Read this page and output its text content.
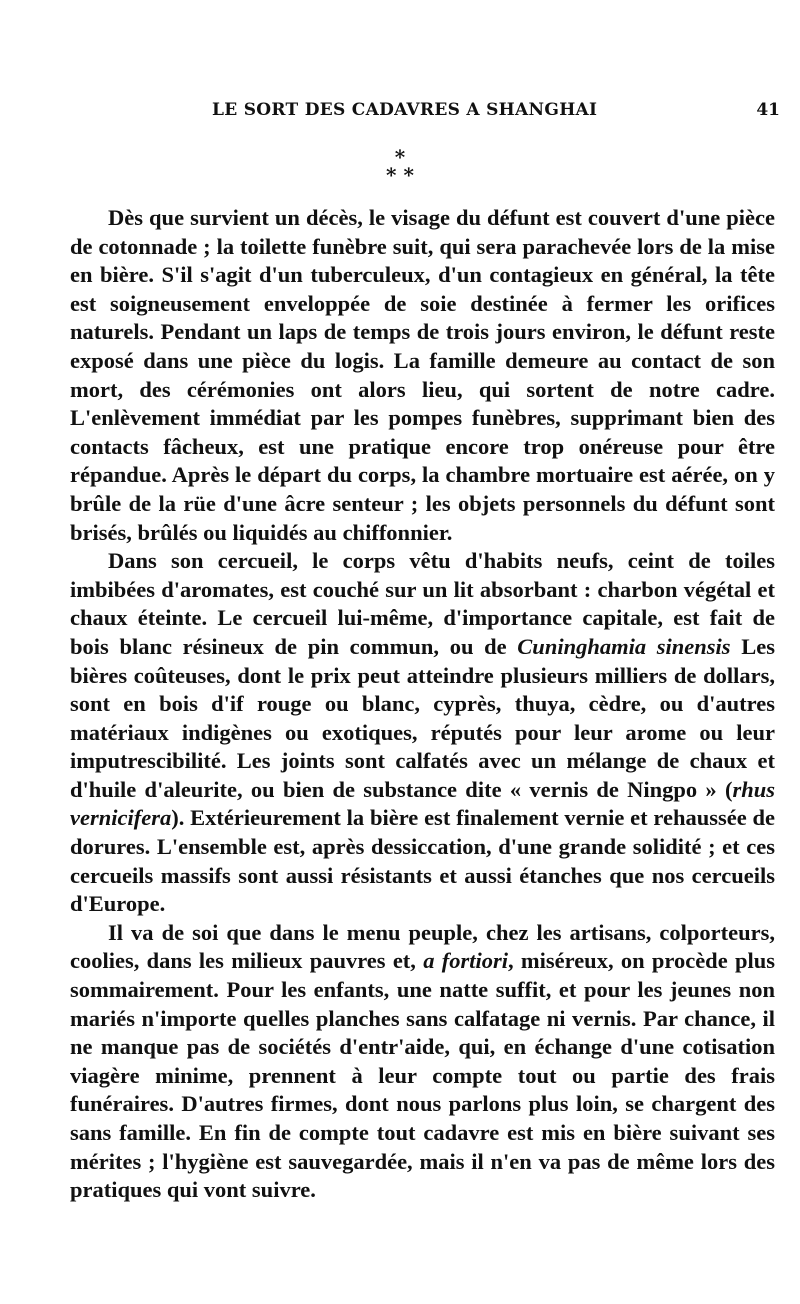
LE SORT DES CADAVRES A SHANGHAI	41
*
* *

Dès que survient un décès, le visage du défunt est couvert d'une pièce de cotonnade ; la toilette funèbre suit, qui sera parachevée lors de la mise en bière. S'il s'agit d'un tuberculeux, d'un contagieux en général, la tête est soigneusement enveloppée de soie destinée à fermer les orifices naturels. Pendant un laps de temps de trois jours environ, le défunt reste exposé dans une pièce du logis. La famille demeure au contact de son mort, des cérémonies ont alors lieu, qui sortent de notre cadre. L'enlèvement immédiat par les pompes funèbres, supprimant bien des contacts fâcheux, est une pratique encore trop onéreuse pour être répandue. Après le départ du corps, la chambre mortuaire est aérée, on y brûle de la rüe d'une âcre senteur ; les objets personnels du défunt sont brisés, brûlés ou liquidés au chiffonnier.

Dans son cercueil, le corps vêtu d'habits neufs, ceint de toiles imbibées d'aromates, est couché sur un lit absorbant : charbon végétal et chaux éteinte. Le cercueil lui-même, d'importance capitale, est fait de bois blanc résineux de pin commun, ou de Cuninghamia sinensis Les bières coûteuses, dont le prix peut atteindre plusieurs milliers de dollars, sont en bois d'if rouge ou blanc, cyprès, thuya, cèdre, ou d'autres matériaux indigènes ou exotiques, réputés pour leur arome ou leur imputrescibilité. Les joints sont calfatés avec un mélange de chaux et d'huile d'aleurite, ou bien de substance dite « vernis de Ningpo » (rhus vernicifera). Extérieurement la bière est finalement vernie et rehaussée de dorures. L'ensemble est, après dessiccation, d'une grande solidité ; et ces cercueils massifs sont aussi résistants et aussi étanches que nos cercueils d'Europe.

Il va de soi que dans le menu peuple, chez les artisans, colporteurs, coolies, dans les milieux pauvres et, a fortiori, miséreux, on procède plus sommairement. Pour les enfants, une natte suffit, et pour les jeunes non mariés n'importe quelles planches sans calfatage ni vernis. Par chance, il ne manque pas de sociétés d'entr'aide, qui, en échange d'une cotisation viagère minime, prennent à leur compte tout ou partie des frais funéraires. D'autres firmes, dont nous parlons plus loin, se chargent des sans famille. En fin de compte tout cadavre est mis en bière suivant ses mérites ; l'hygiène est sauvegardée, mais il n'en va pas de même lors des pratiques qui vont suivre.
